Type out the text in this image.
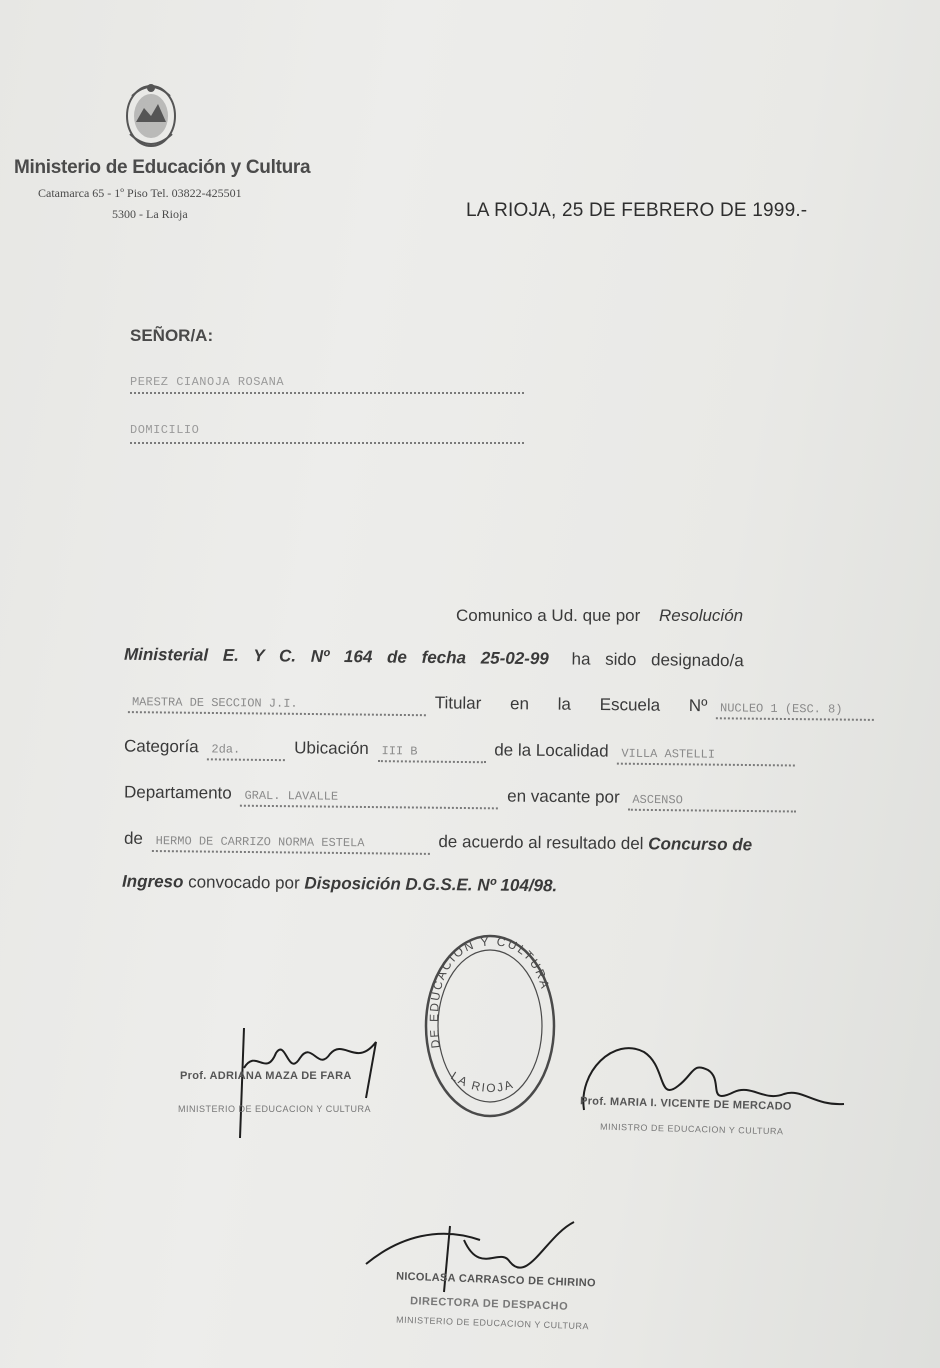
Ministerio de Educación y Cultura
Catamarca 65 - 1º Piso Tel. 03822-425501
5300 - La Rioja	LA RIOJA, 25 DE FEBRERO DE 1999.-
SEÑOR/A:
PEREZ CIANOJA ROSANA
DOMICILIO
Comunico a Ud. que por Resolución
Ministerial E. Y C. Nº 164 de fecha 25-02-99 ha sido designado/a
MAESTRA DE SECCION J.I.	Titular en la Escuela Nº NUCLEO 1 (ESC. 8)
Categoría 2da.	Ubicación III B	de la Localidad VILLA ASTELLI
Departamento GRAL. LAVALLE	en vacante por ASCENSO
de HERMO DE CARRIZO NORMA ESTELA	de acuerdo al resultado del Concurso de
Ingreso convocado por Disposición D.G.S.E. Nº 104/98.
DE EDUCACION Y CULTURA
LA RIOJA
Prof. ADRIANA MAZA DE FARA
MINISTERIO DE EDUCACION Y CULTURA	Prof. MARIA I. VICENTE DE MERCADO
MINISTRO DE EDUCACION Y CULTURA
NICOLASA CARRASCO DE CHIRINO
DIRECTORA DE DESPACHO
MINISTERIO DE EDUCACION Y CULTURA
